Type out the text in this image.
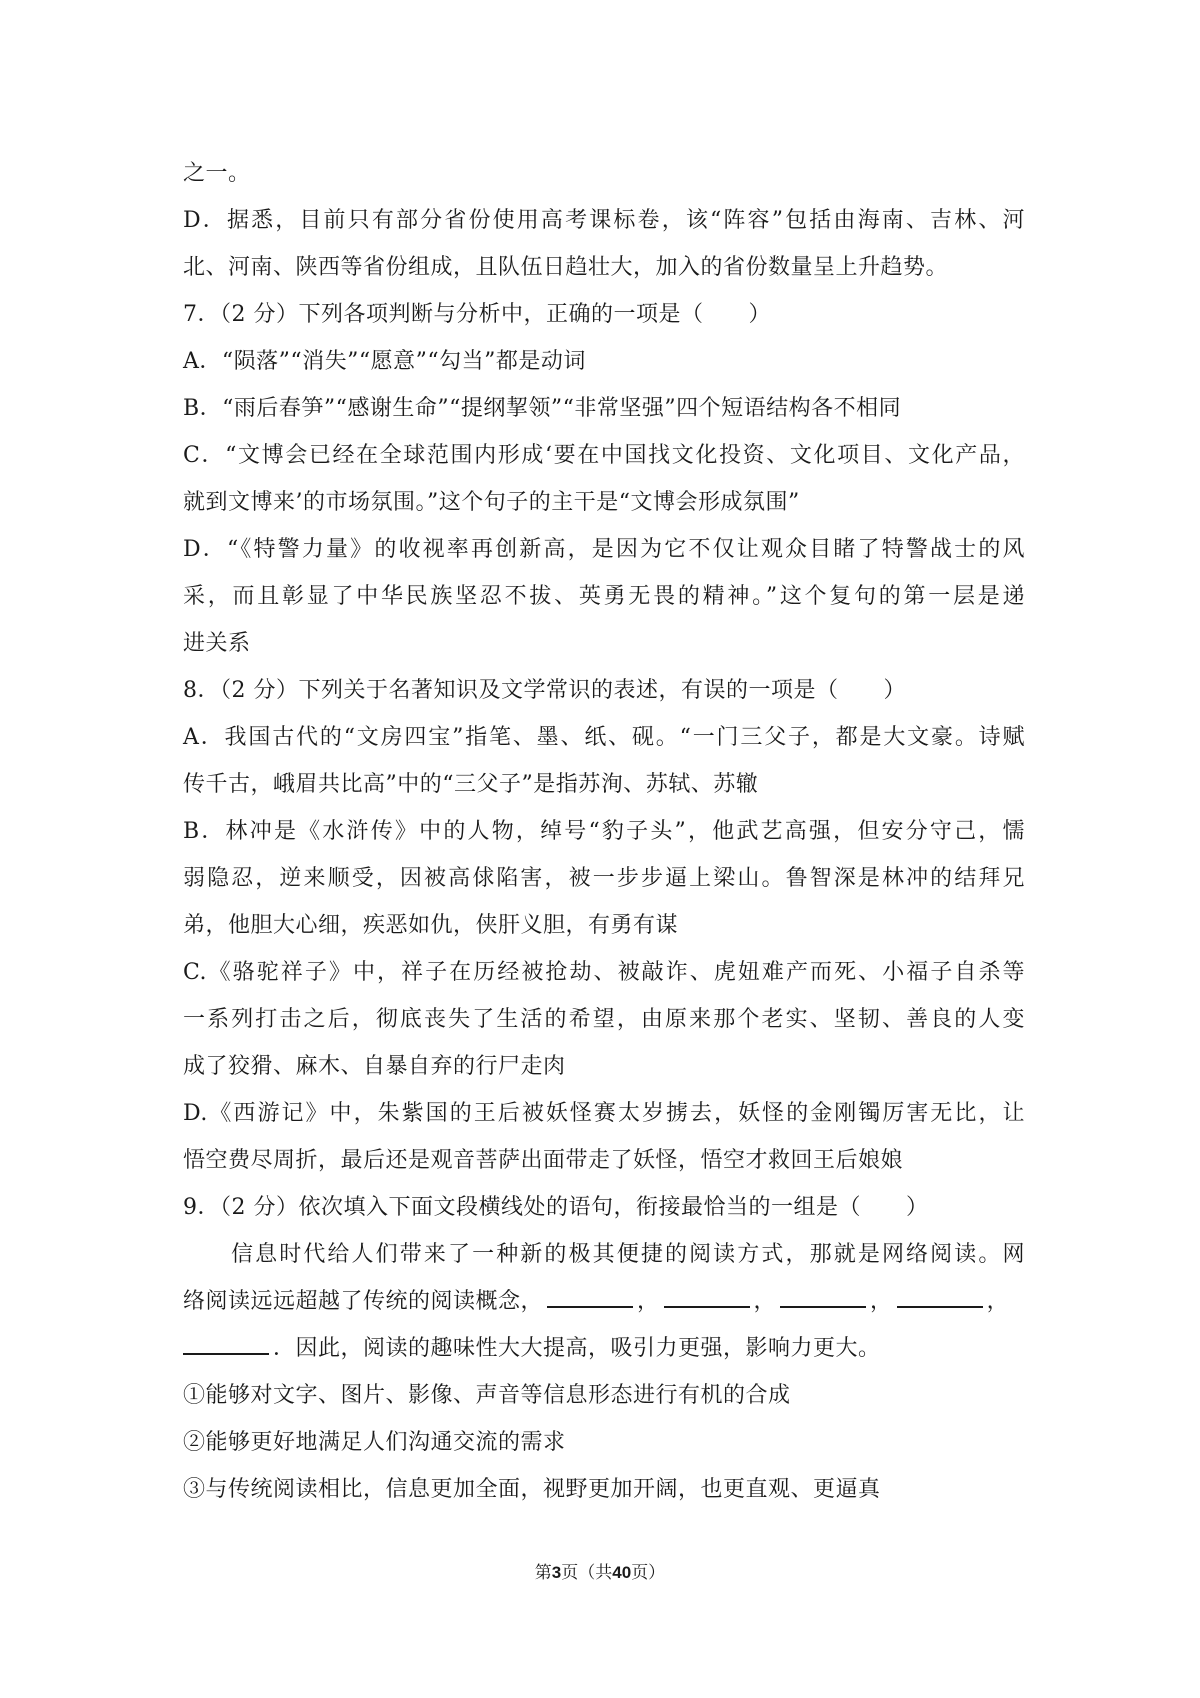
之一。
D．据悉，目前只有部分省份使用高考课标卷，该“阵容”包括由海南、吉林、河
北、河南、陕西等省份组成，且队伍日趋壮大，加入的省份数量呈上升趋势。
7．（2 分）下列各项判断与分析中，正确的一项是（　　）
A．“陨落”“消失”“愿意”“勾当”都是动词
B．“雨后春笋”“感谢生命”“提纲挈领”“非常坚强”四个短语结构各不相同
C．“文博会已经在全球范围内形成‘要在中国找文化投资、文化项目、文化产品，
就到文博来’的市场氛围。”这个句子的主干是“文博会形成氛围”
D．“《特警力量》的收视率再创新高，是因为它不仅让观众目睹了特警战士的风
采，而且彰显了中华民族坚忍不拔、英勇无畏的精神。”这个复句的第一层是递
进关系
8．（2 分）下列关于名著知识及文学常识的表述，有误的一项是（　　）
A．我国古代的“文房四宝”指笔、墨、纸、砚。“一门三父子，都是大文豪。诗赋
传千古，峨眉共比高”中的“三父子”是指苏洵、苏轼、苏辙
B．林冲是《水浒传》中的人物，绰号“豹子头”，他武艺高强，但安分守己，懦
弱隐忍，逆来顺受，因被高俅陷害，被一步步逼上梁山。鲁智深是林冲的结拜兄
弟，他胆大心细，疾恶如仇，侠肝义胆，有勇有谋
C.《骆驼祥子》中，祥子在历经被抢劫、被敲诈、虎妞难产而死、小福子自杀等
一系列打击之后，彻底丧失了生活的希望，由原来那个老实、坚韧、善良的人变
成了狡猾、麻木、自暴自弃的行尸走肉
D.《西游记》中，朱紫国的王后被妖怪赛太岁掳去，妖怪的金刚镯厉害无比，让
悟空费尽周折，最后还是观音菩萨出面带走了妖怪，悟空才救回王后娘娘
9．（2 分）依次填入下面文段横线处的语句，衔接最恰当的一组是（　　）
信息时代给人们带来了一种新的极其便捷的阅读方式，那就是网络阅读。网
络阅读远远超越了传统的阅读概念，	，	，	，	，
．因此，阅读的趣味性大大提高，吸引力更强，影响力更大。
①能够对文字、图片、影像、声音等信息形态进行有机的合成
②能够更好地满足人们沟通交流的需求
③与传统阅读相比，信息更加全面，视野更加开阔，也更直观、更逼真
第3页（共40页）
